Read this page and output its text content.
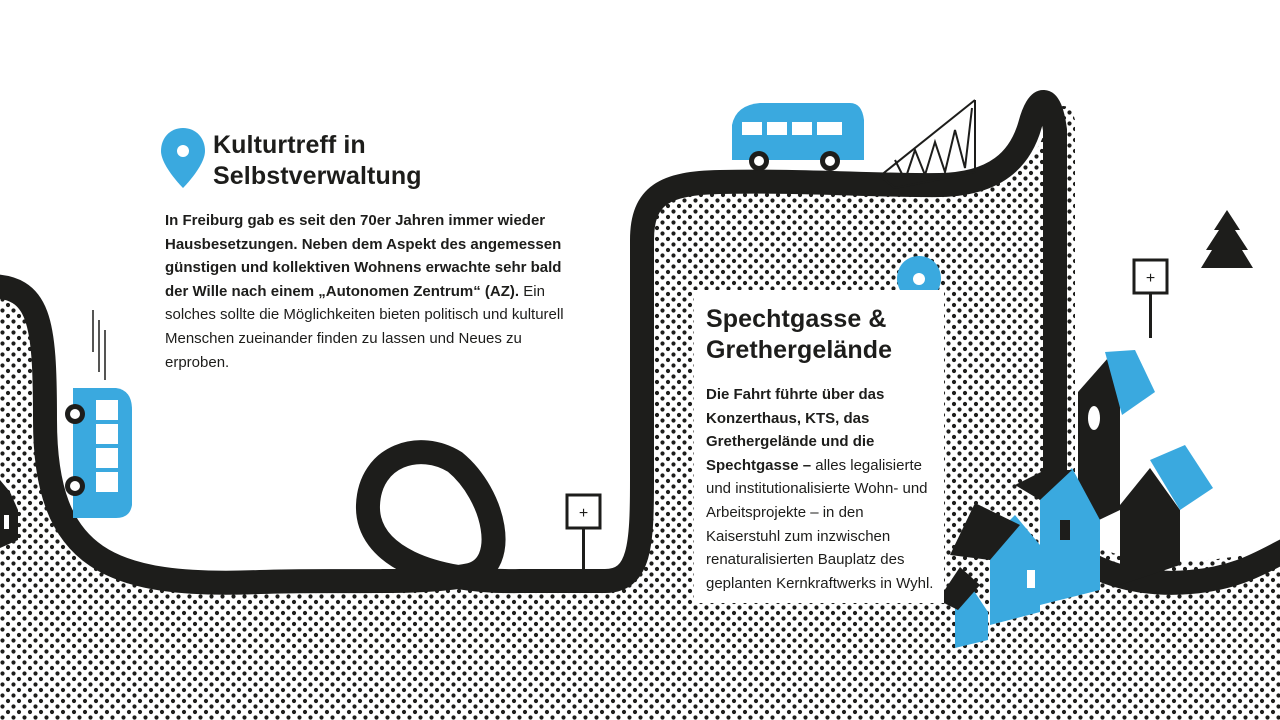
+
+
Kulturtreff in
Selbstverwaltung

In Freiburg gab es seit den 70er Jahren immer wieder Hausbesetzungen. Neben dem Aspekt des angemessen günstigen und kollektiven Wohnens erwachte sehr bald der Wille nach einem „Autonomen Zentrum“ (AZ). Ein solches sollte die Möglichkeiten bieten politisch und kulturell Menschen zueinander finden zu lassen und Neues zu erproben.

Spechtgasse &
Grethergelände

Die Fahrt führte über das Konzerthaus, KTS, das Grethergelände und die Spechtgasse – alles legalisierte und institutionalisierte Wohn- und Arbeitsprojekte – in den Kaiserstuhl zum inzwischen renaturalisierten Bauplatz des geplanten Kernkraftwerks in Wyhl.
